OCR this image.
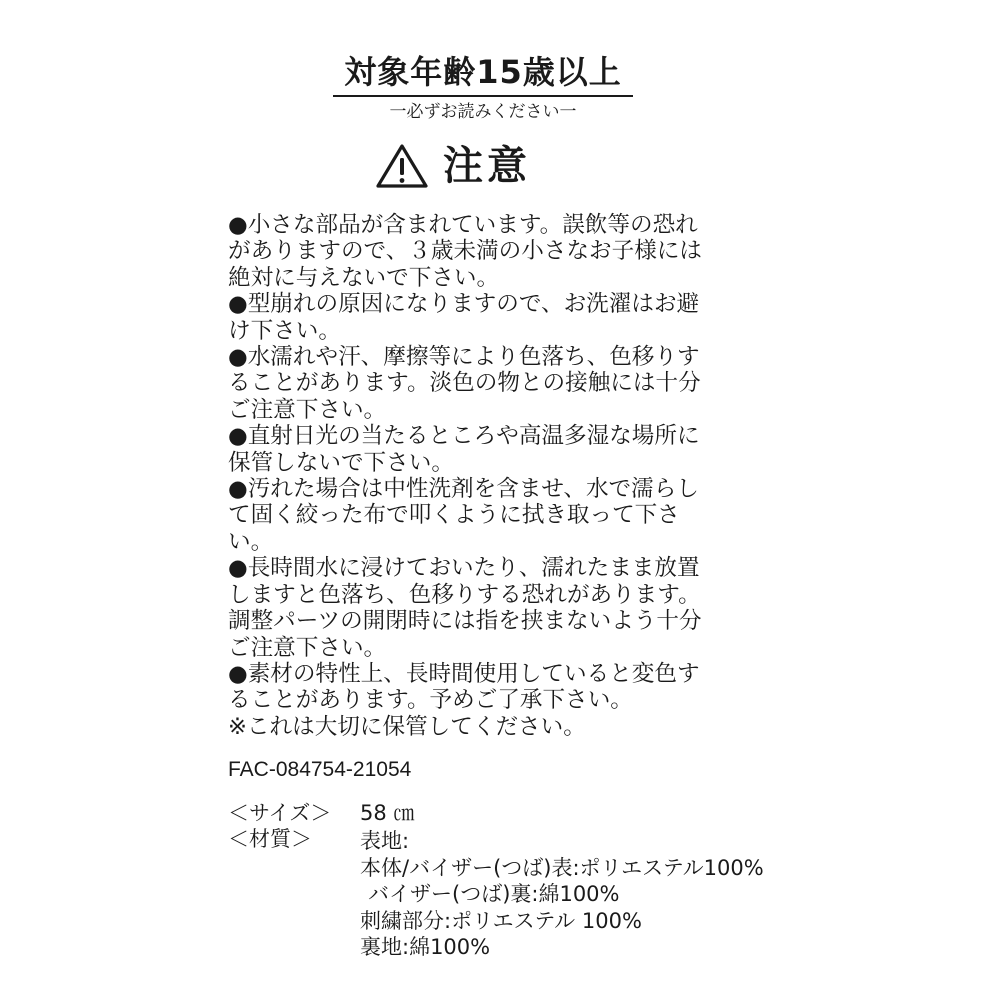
対象年齢15歳以上
一必ずお読みください一
注意
●小さな部品が含まれています。誤飲等の恐れ
があります​ので、３歳未満の小さなお子様には
絶対に与えないで下さい。
●型崩れの原因になりますので、お洗濯はお避
け下さい。
●水濡れや汗、摩擦等により色落ち、色移りす
ることがあります。淡色の物との接触には十分
ご注意下さい。
●直射日光の当たるところや高温多湿な場所に
保管しないで下さい。
●汚れた場合は中性洗剤を含ませ、水で濡らし
て固く絞った布で叩くように拭き取って下さ
い。
●長時間水に浸けておいたり、濡れたまま放置
しますと色落ち、色移りする恐れがあります。
調整パーツの開閉時には指を挟まないよう十分
ご注意下さい。
●素材の特性上、長時間使用していると変色す
ることがあります。予めご了承下さい。
※これは大切に保管してください。
FAC-084754-21054
＜サイズ＞ 58 ㎝
＜材質＞ 表地:
本体/バイザー(つば)表:ポリエステル100%
バイザー(つば)裏:綿100%
刺繍部分:ポリエステル 100%
裏地:綿100%
